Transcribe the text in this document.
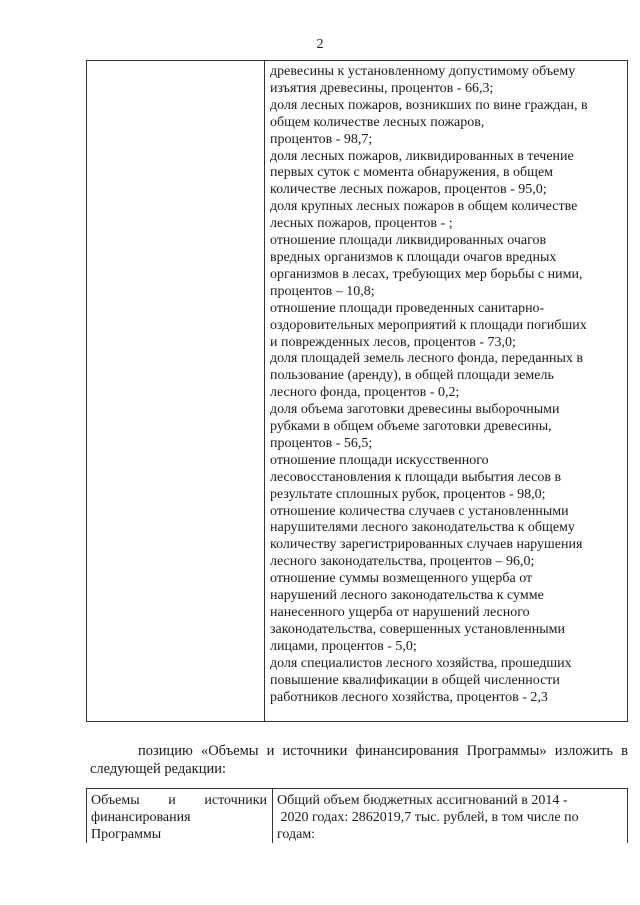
2
древесины к установленному допустимому объему
изъятия древесины, процентов - 66,3;
доля лесных пожаров, возникших по вине граждан, в
общем количестве лесных пожаров,
процентов - 98,7;
доля лесных пожаров, ликвидированных в течение
первых суток с момента обнаружения, в общем
количестве лесных пожаров, процентов - 95,0;
доля крупных лесных пожаров в общем количестве
лесных пожаров, процентов - ;
отношение площади ликвидированных очагов
вредных организмов к площади очагов вредных
организмов в лесах, требующих мер борьбы с ними,
процентов – 10,8;
отношение площади проведенных санитарно-
оздоровительных мероприятий к площади погибших
и поврежденных лесов, процентов - 73,0;
доля площадей земель лесного фонда, переданных в
пользование (аренду), в общей площади земель
лесного фонда, процентов - 0,2;
доля объема заготовки древесины выборочными
рубками в общем объеме заготовки древесины,
процентов - 56,5;
отношение площади искусственного
лесовосстановления к площади выбытия лесов в
результате сплошных рубок, процентов - 98,0;
отношение количества случаев с установленными
нарушителями лесного законодательства к общему
количеству зарегистрированных случаев нарушения
лесного законодательства, процентов – 96,0;
отношение суммы возмещенного ущерба от
нарушений лесного законодательства к сумме
нанесенного ущерба от нарушений лесного
законодательства, совершенных установленными
лицами, процентов - 5,0;
доля специалистов лесного хозяйства, прошедших
повышение квалификации в общей численности
работников лесного хозяйства, процентов - 2,3
позицию «Объемы и источники финансирования Программы» изложить в
следующей редакции:
Объемы и источники
финансирования
Программы
Общий объем бюджетных ассигнований в 2014 -
2020 годах: 2862019,7 тыс. рублей, в том числе по
годам:
